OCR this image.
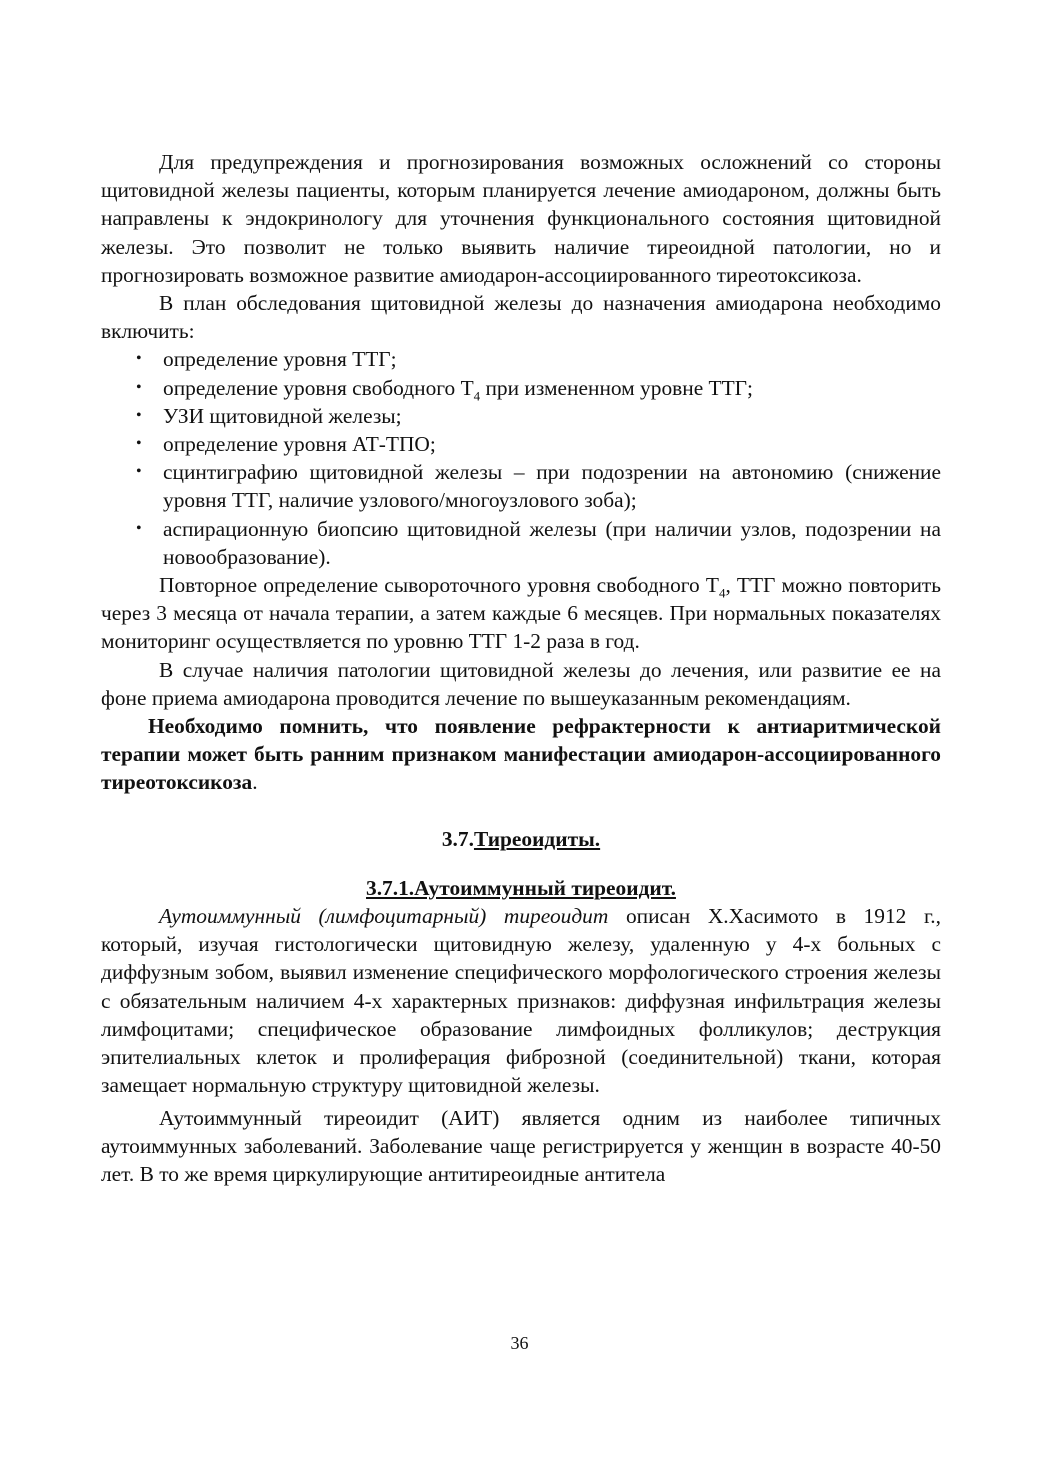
Для предупреждения и прогнозирования возможных осложнений со стороны щитовидной железы пациенты, которым планируется лечение амиодароном, должны быть направлены к эндокринологу для уточнения функционального состояния щитовидной железы. Это позволит не только выявить наличие тиреоидной патологии, но и прогнозировать возможное развитие амиодарон-ассоциированного тиреотоксикоза.

В план обследования щитовидной железы до назначения амиодарона необходимо включить:

• определение уровня ТТГ;
• определение уровня свободного $Т_4$ при измененном уровне ТТГ;
• УЗИ щитовидной железы;
• определение уровня АТ-ТПО;
• сцинтиграфию щитовидной железы – при подозрении на автономию (снижение уровня ТТГ, наличие узлового/многоузлового зоба);
• аспирационную биопсию щитовидной железы (при наличии узлов, подозрении на новообразование).

Повторное определение сывороточного уровня свободного $Т_4$, ТТГ можно повторить через 3 месяца от начала терапии, а затем каждые 6 месяцев. При нормальных показателях мониторинг осуществляется по уровню ТТГ 1-2 раза в год.

В случае наличия патологии щитовидной железы до лечения, или развитие ее на фоне приема амиодарона проводится лечение по вышеуказанным рекомендациям.

Необходимо помнить, что появление рефрактерности к антиаритмической терапии может быть ранним признаком манифестации амиодарон-ассоциированного тиреотоксикоза.

3.7.Тиреоидиты.

3.7.1.Аутоиммунный тиреоидит.

Аутоиммунный (лимфоцитарный) тиреоидит описан Х.Хасимото в 1912 г., который, изучая гистологически щитовидную железу, удаленную у 4-х больных с диффузным зобом, выявил изменение специфического морфологического строения железы с обязательным наличием 4-х характерных признаков: диффузная инфильтрация железы лимфоцитами; специфическое образование лимфоидных фолликулов; деструкция эпителиальных клеток и пролиферация фиброзной (соединительной) ткани, которая замещает нормальную структуру щитовидной железы.

Аутоиммунный тиреоидит (АИТ) является одним из наиболее типичных аутоиммунных заболеваний. Заболевание чаще регистрируется у женщин в возрасте 40-50 лет. В то же время циркулирующие антитиреоидные антитела

36
